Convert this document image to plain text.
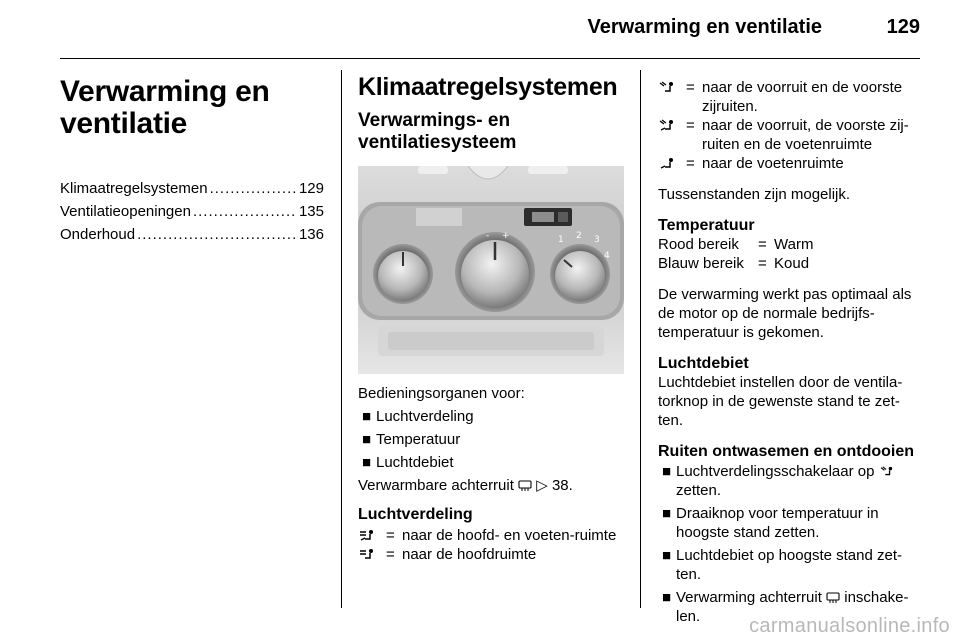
Verwarming en ventilatie	129
Verwarming en ventilatie
Klimaatregelsystemen .....	129
Ventilatieopeningen .....	135
Onderhoud .....	136
Klimaatregelsystemen
Verwarmings- en ventilatiesysteem
- +	1 2 3
4
Bedieningsorganen voor:
■ Luchtverdeling
■ Temperatuur
■ Luchtdebiet
Verwarmbare achterruit ▷ 38.
Luchtverdeling
= naar de hoofd- en voeten-ruimte
= naar de hoofdruimte
= naar de voorruit en de voorste zijruiten.
= naar de voorruit, de voorste zij-ruiten en de voetenruimte
= naar de voetenruimte
Tussenstanden zijn mogelijk.
Temperatuur
Rood bereik	= Warm
Blauw bereik = Koud
De verwarming werkt pas optimaal als de motor op de normale bedrijfs-temperatuur is gekomen.
Luchtdebiet
Luchtdebiet instellen door de ventila-torknop in de gewenste stand te zet-ten.
Ruiten ontwasemen en ontdooien
■ Luchtverdelingsschakelaar op
zetten.
■ Draaiknop voor temperatuur in hoogste stand zetten.
■ Luchtdebiet op hoogste stand zet-ten.
■ Verwarming achterruit inschake-len.	carmanualsonline.info
